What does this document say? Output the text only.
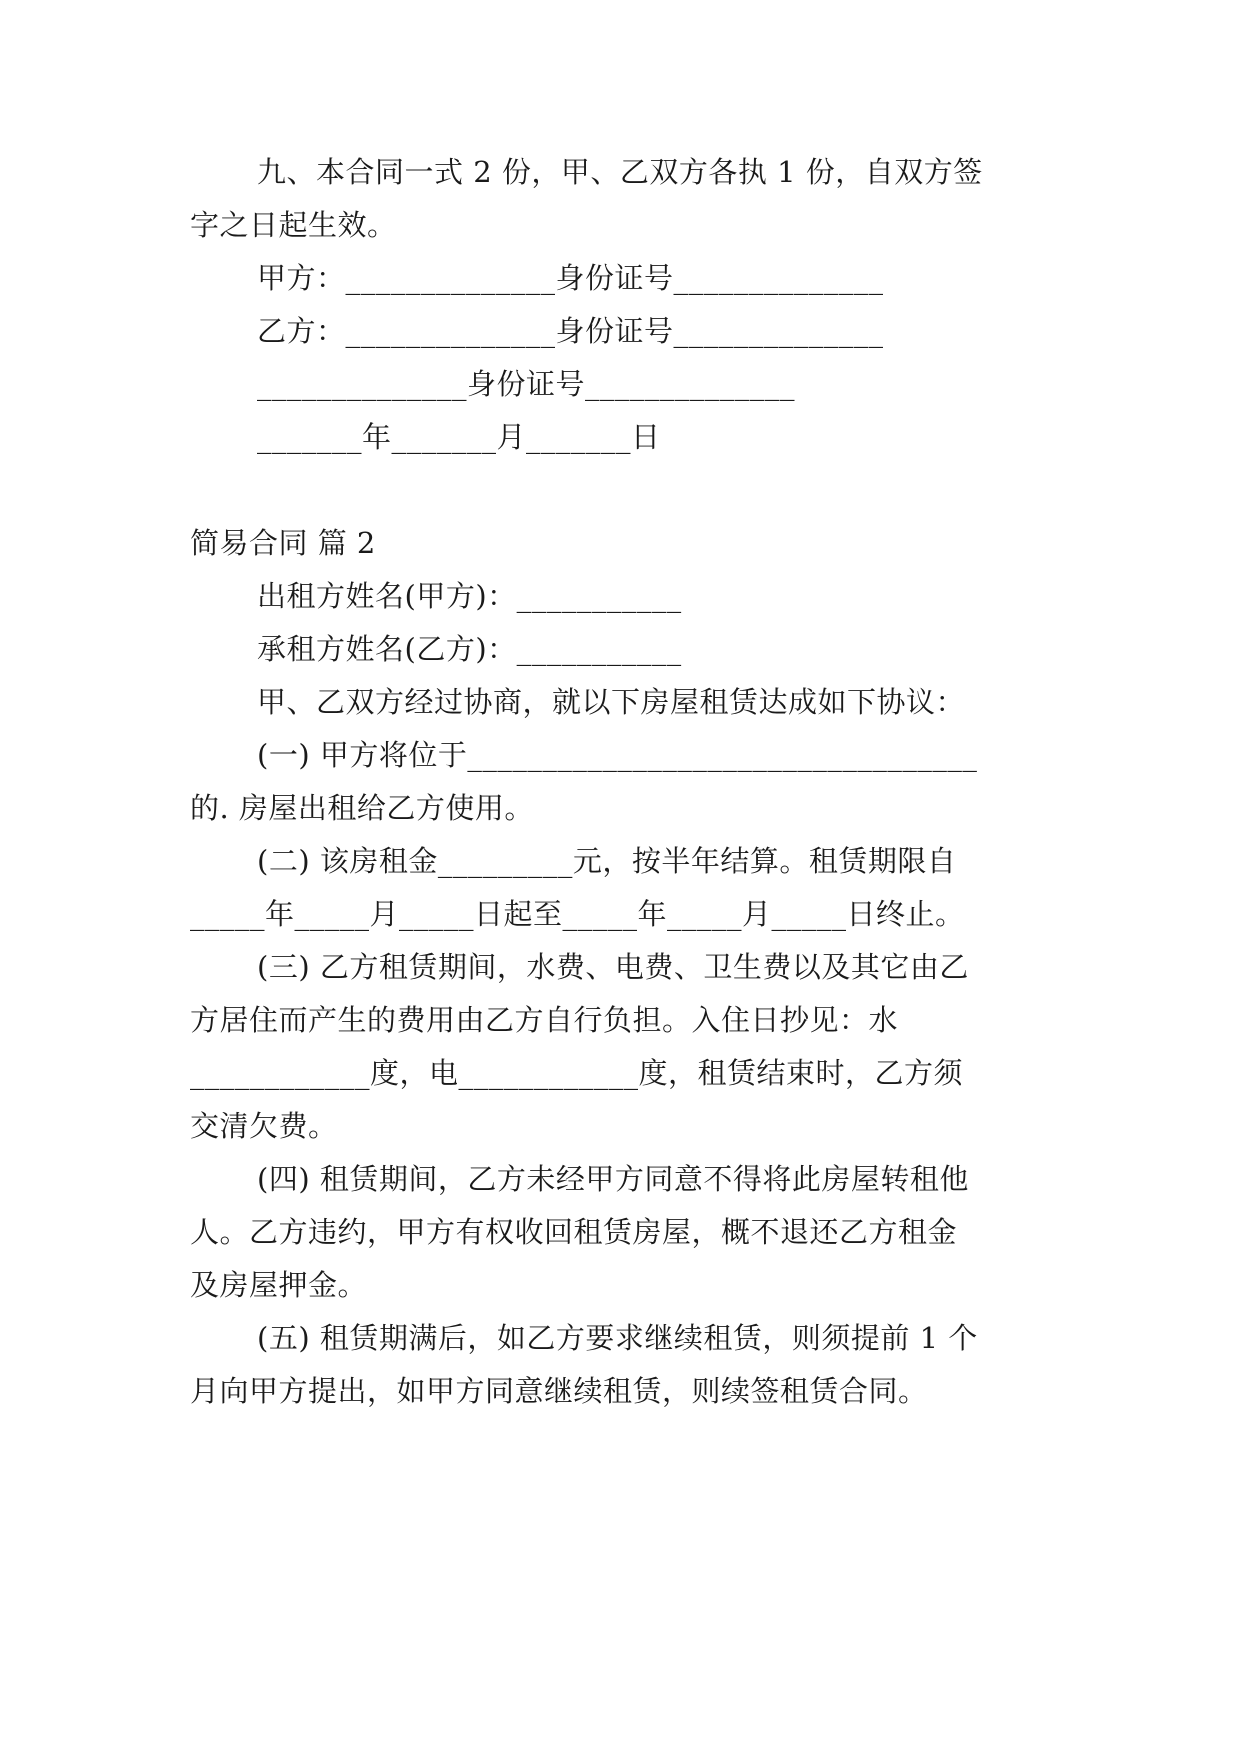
九、本合同一式 2 份，甲、乙双方各执 1 份，自双方签
字之日起生效。
甲方：______________身份证号______________
乙方：______________身份证号______________
______________身份证号______________
_______年_______月_______日
简易合同 篇 2
出租方姓名(甲方)：___________
承租方姓名(乙方)：___________
甲、乙双方经过协商，就以下房屋租赁达成如下协议：
(一) 甲方将位于__________________________________
的. 房屋出租给乙方使用。
(二) 该房租金_________元，按半年结算。租赁期限自
_____年_____月_____日起至_____年_____月_____日终止。
(三) 乙方租赁期间，水费、电费、卫生费以及其它由乙
方居住而产生的费用由乙方自行负担。入住日抄见：水
____________度，电____________度，租赁结束时，乙方须
交清欠费。
(四) 租赁期间，乙方未经甲方同意不得将此房屋转租他
人。乙方违约，甲方有权收回租赁房屋，概不退还乙方租金
及房屋押金。
(五) 租赁期满后，如乙方要求继续租赁，则须提前 1 个
月向甲方提出，如甲方同意继续租赁，则续签租赁合同。
